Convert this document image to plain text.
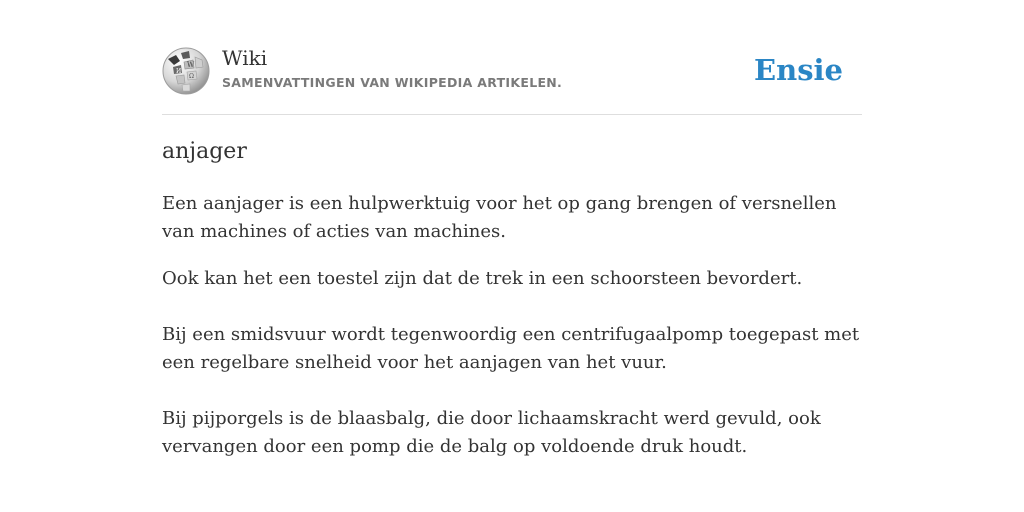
W
И
Ω
Wiki
SAMENVATTINGEN VAN WIKIPEDIA ARTIKELEN.	Ensie
anjager

Een aanjager is een hulpwerktuig voor het op gang brengen of versnellen van machines of acties van machines.

Ook kan het een toestel zijn dat de trek in een schoorsteen bevordert.

Bij een smidsvuur wordt tegenwoordig een centrifugaalpomp toegepast met een regelbare snelheid voor het aanjagen van het vuur.

Bij pijporgels is de blaasbalg, die door lichaamskracht werd gevuld, ook vervangen door een pomp die de balg op voldoende druk houdt.
